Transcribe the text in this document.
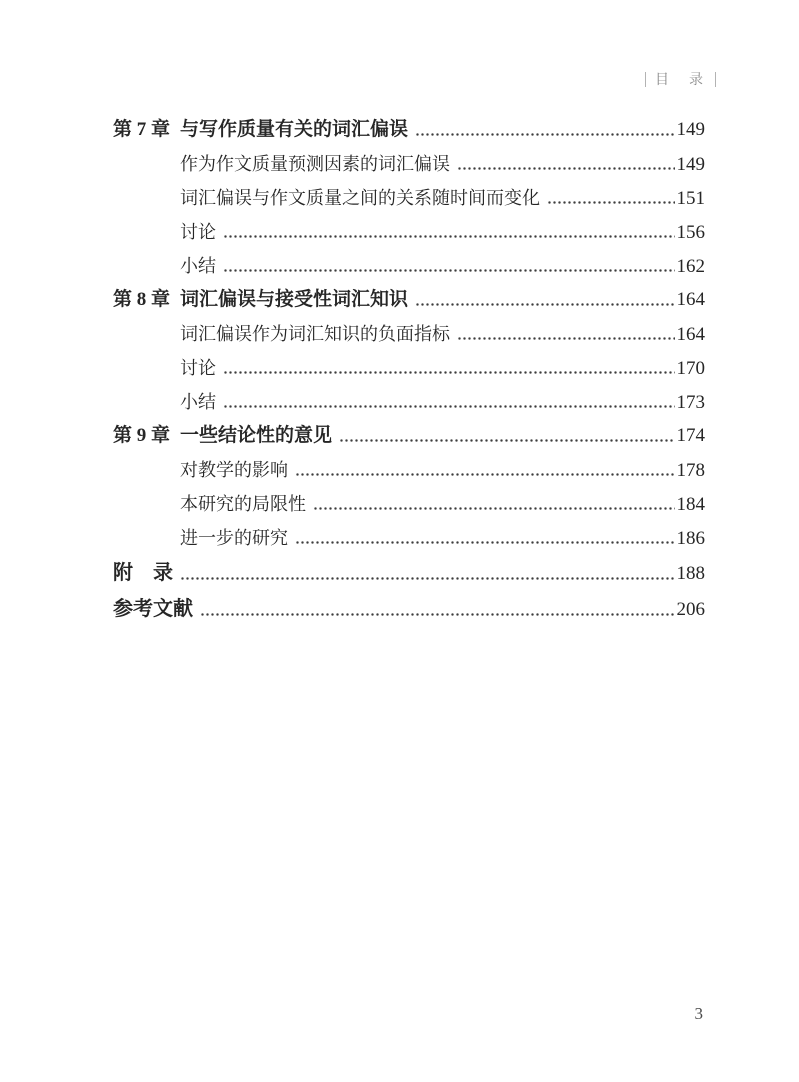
目　录
第 7 章 与写作质量有关的词汇偏误	149
作为作文质量预测因素的词汇偏误	149
词汇偏误与作文质量之间的关系随时间而变化	151
讨论	156
小结	162
第 8 章 词汇偏误与接受性词汇知识	164
词汇偏误作为词汇知识的负面指标	164
讨论	170
小结	173
第 9 章 一些结论性的意见	174
对教学的影响	178
本研究的局限性	184
进一步的研究	186
附　录	188
参考文献	206
3
